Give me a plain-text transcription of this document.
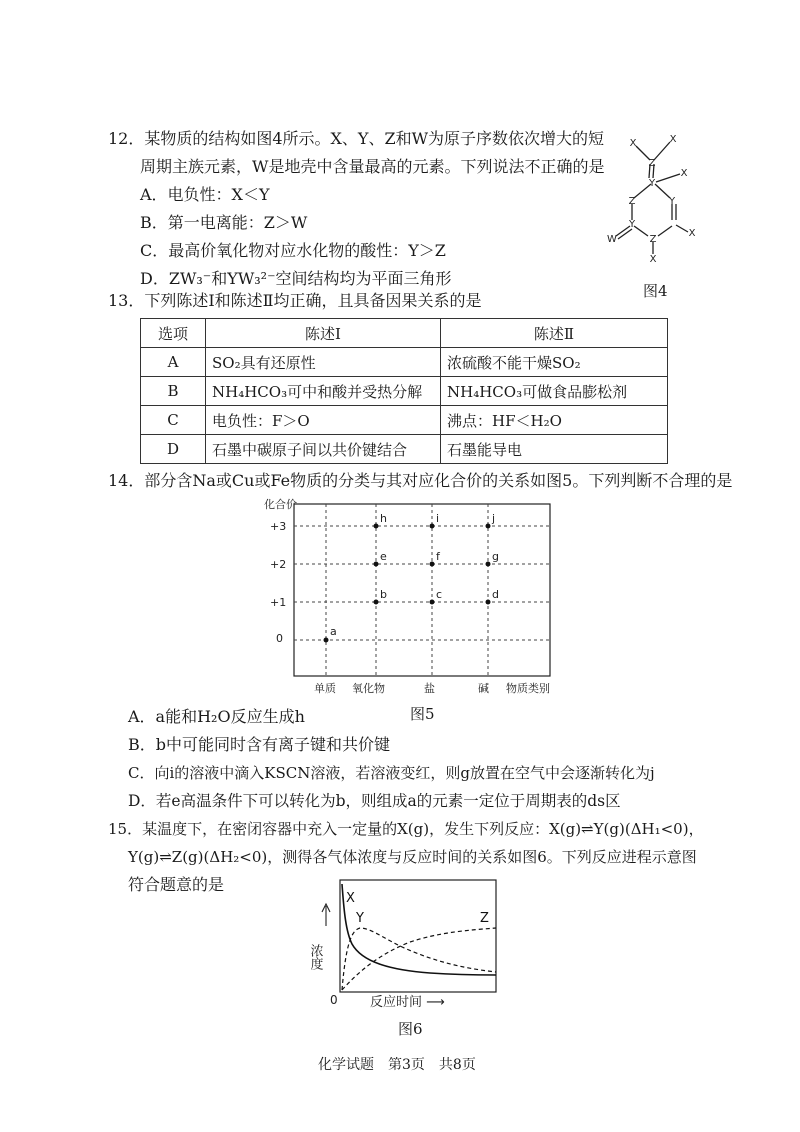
12．某物质的结构如图4所示。X、Y、Z和W为原子序数依次增大的短
周期主族元素，W是地壳中含量最高的元素。下列说法不正确的是
A．电负性：X＜Y
B．第一电离能：Z＞W
C．最高价氧化物对应水化物的酸性：Y＞Z
D．ZW₃⁻和YW₃²⁻空间结构均为平面三角形
X	X
Z
Y
X
Z	Y
Y
W	Z
X
X
图4
13．下列陈述Ⅰ和陈述Ⅱ均正确，且具备因果关系的是
选项	陈述Ⅰ	陈述Ⅱ
A	SO₂具有还原性	浓硫酸不能干燥SO₂
B	NH₄HCO₃可中和酸并受热分解	NH₄HCO₃可做食品膨松剂
C	电负性：F＞O	沸点：HF＜H₂O
D	石墨中碳原子间以共价键结合	石墨能导电
14．部分含Na或Cu或Fe物质的分类与其对应化合价的关系如图5。下列判断不合理的是
化合价
+3
+2
+1
0
单质 氧化物	盐	碱 物质类别
a
b	c	d
e	f	g
h	i	j
图5
A．a能和H₂O反应生成h
B．b中可能同时含有离子键和共价键
C．向i的溶液中滴入KSCN溶液，若溶液变红，则g放置在空气中会逐渐转化为j
D．若e高温条件下可以转化为b，则组成a的元素一定位于周期表的ds区
15．某温度下，在密闭容器中充入一定量的X(g)，发生下列反应：X(g)⇌Y(g)(ΔH₁<0)，
Y(g)⇌Z(g)(ΔH₂<0)，测得各气体浓度与反应时间的关系如图6。下列反应进程示意图
符合题意的是
浓度
0 反应时间 ⟶
X
Y	Z
图6
化学试题　第3页　共8页
